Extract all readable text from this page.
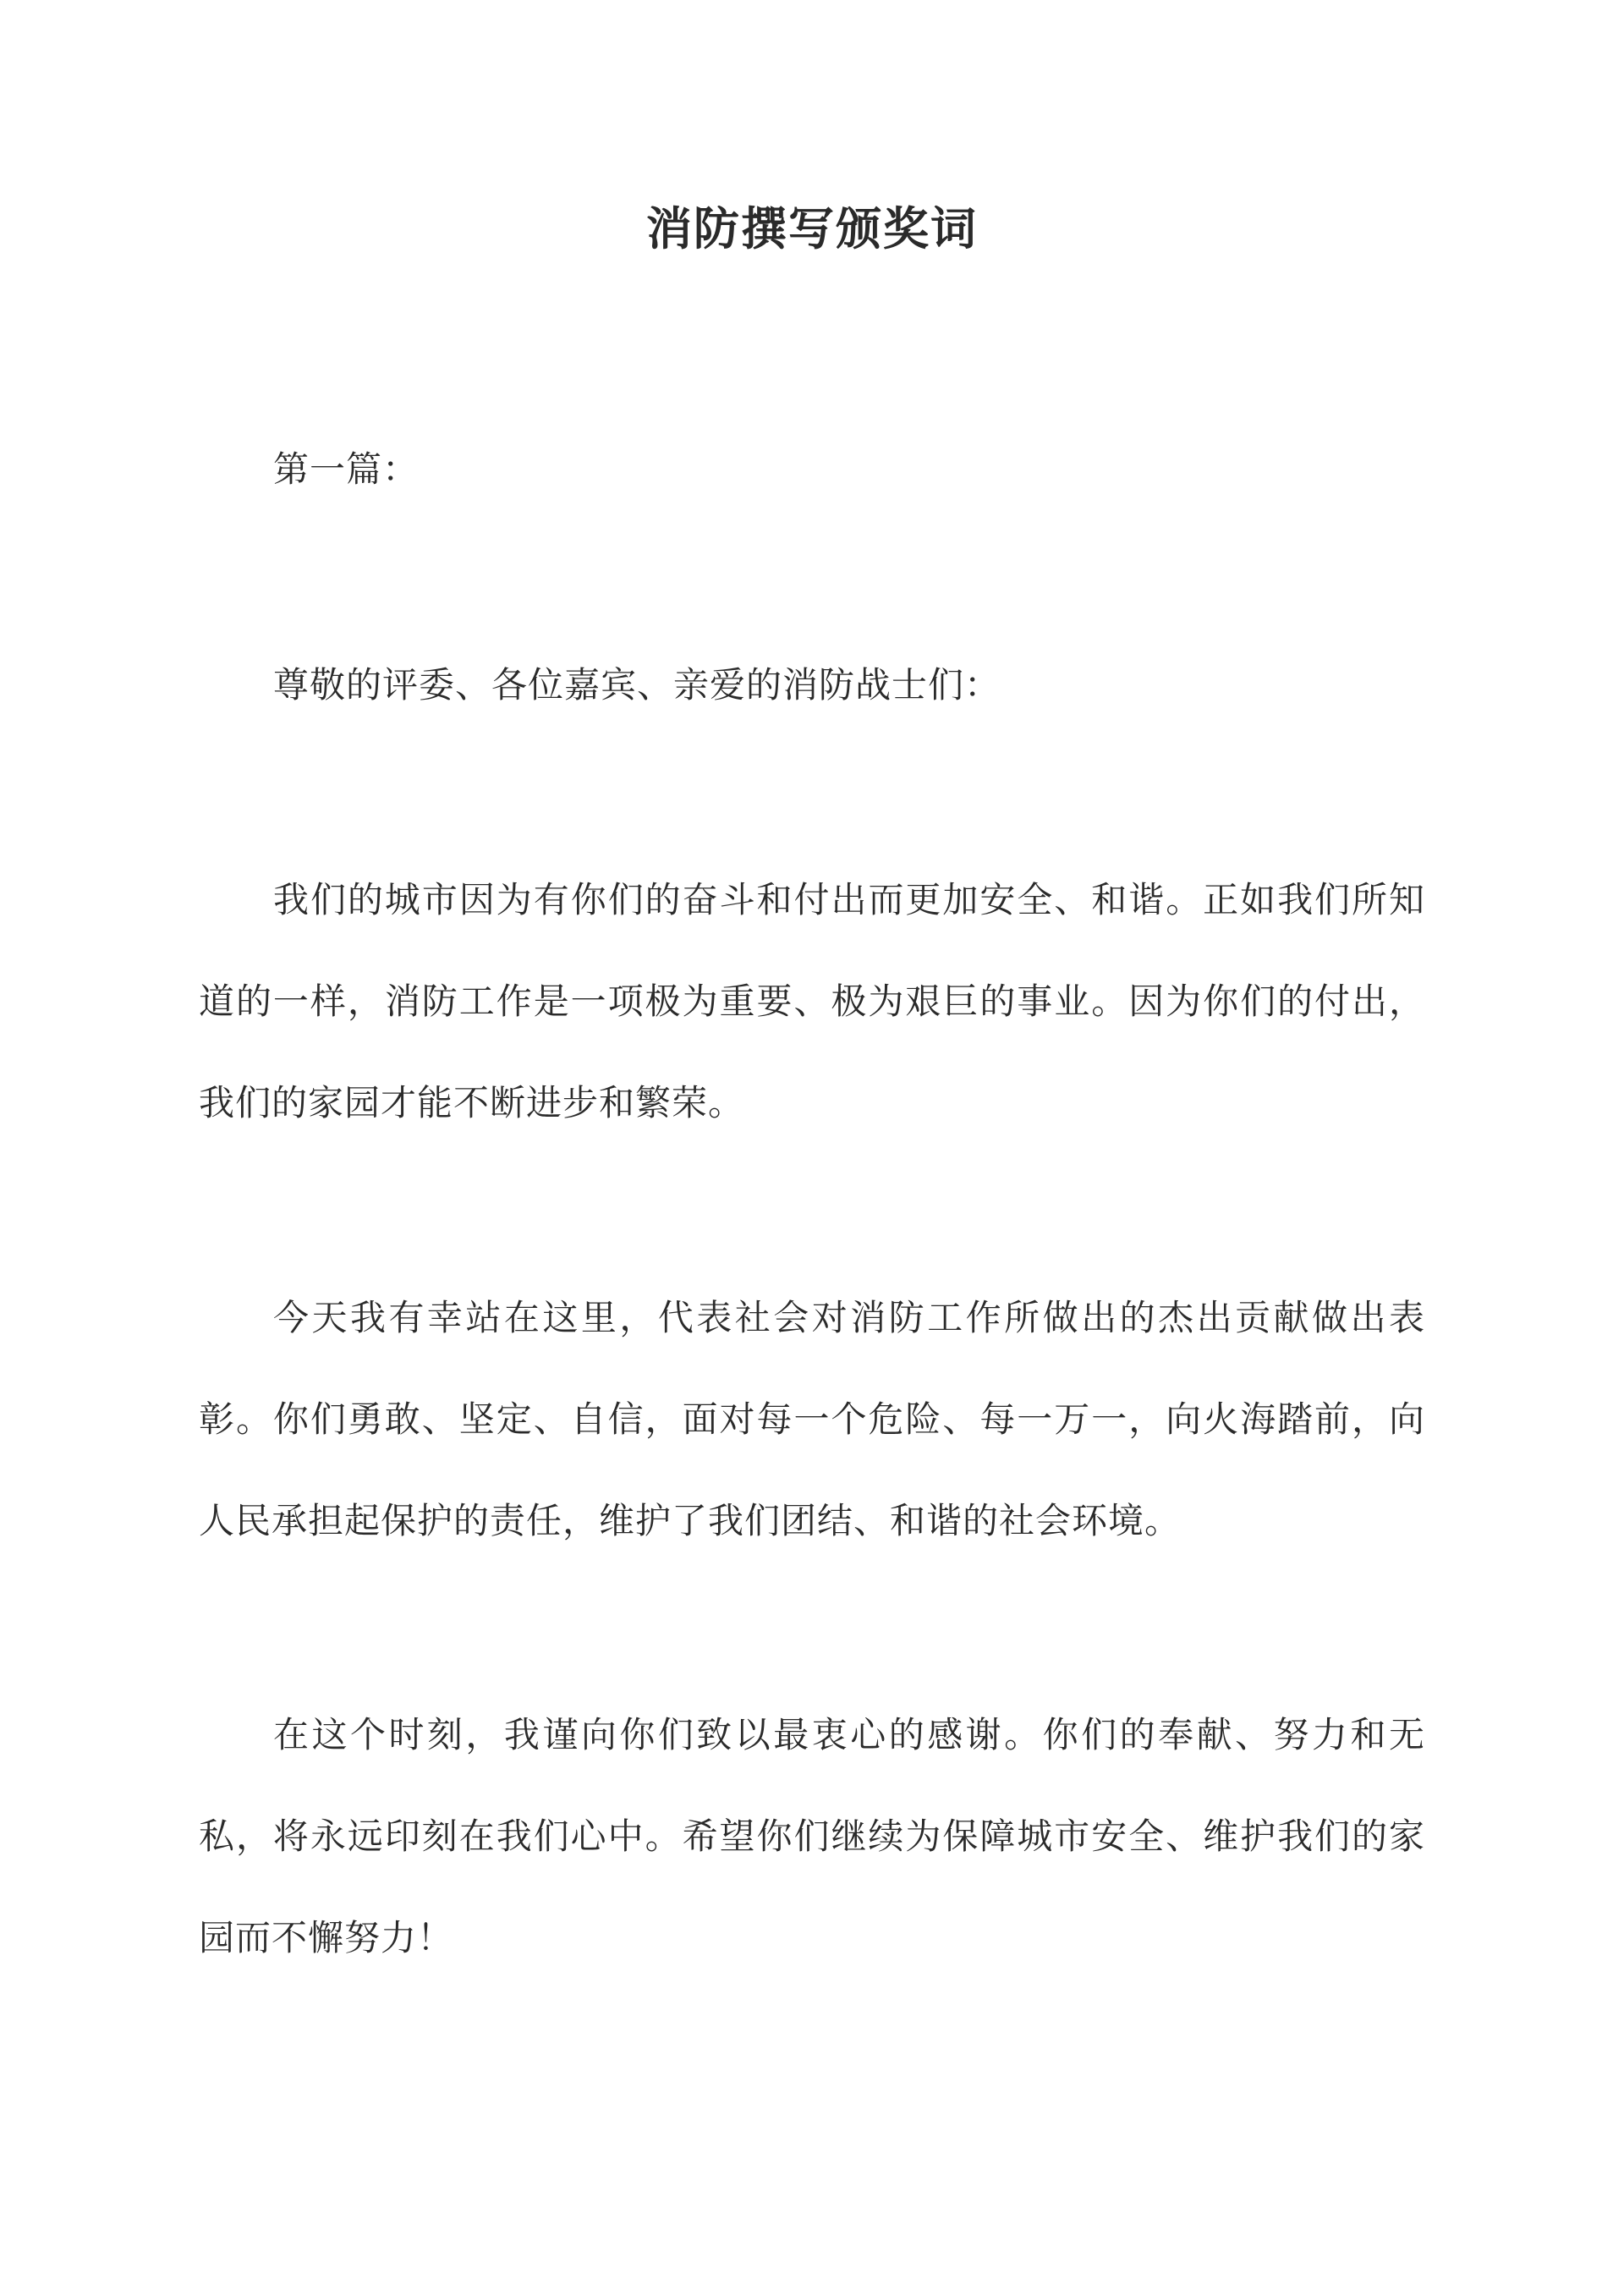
消防撰写颁奖词

第一篇：

尊敬的评委、各位嘉宾、亲爱的消防战士们：

我们的城市因为有你们的奋斗和付出而更加安全、和谐。正如我们所知道的一样，消防工作是一项极为重要、极为艰巨的事业。因为你们的付出，我们的家园才能不断进步和繁荣。

今天我有幸站在这里，代表社会对消防工作所做出的杰出贡献做出表彰。你们勇敢、坚定、自信，面对每一个危险、每一万一，向火海踏前，向人民承担起保护的责任，维护了我们团结、和谐的社会环境。

在这个时刻，我谨向你们致以最衷心的感谢。你们的奉献、努力和无私，将永远印刻在我们心中。希望你们继续为保障城市安全、维护我们的家园而不懈努力！
